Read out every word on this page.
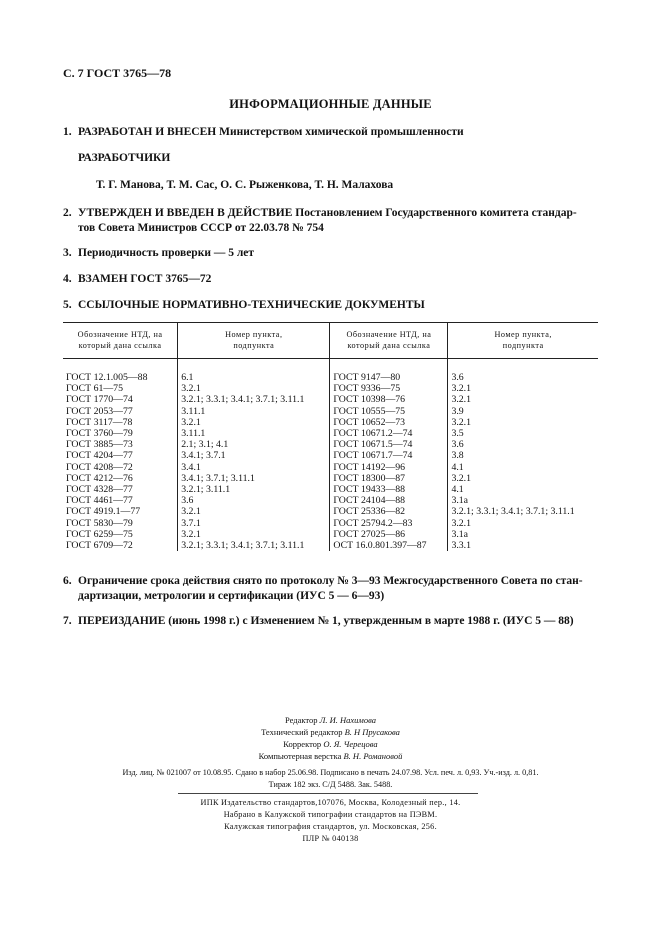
С. 7 ГОСТ 3765—78
ИНФОРМАЦИОННЫЕ ДАННЫЕ
1. РАЗРАБОТАН И ВНЕСЕН Министерством химической промышленности
РАЗРАБОТЧИКИ
Т. Г. Манова, Т. М. Сас, О. С. Рыженкова, Т. Н. Малахова
2. УТВЕРЖДЕН И ВВЕДЕН В ДЕЙСТВИЕ Постановлением Государственного комитета стандар-
тов Совета Министров СССР от 22.03.78 № 754
3. Периодичность проверки — 5 лет
4. ВЗАМЕН ГОСТ 3765—72
5. ССЫЛОЧНЫЕ НОРМАТИВНО-ТЕХНИЧЕСКИЕ ДОКУМЕНТЫ
Обозначение НТД, на
который дана ссылка	Номер пункта,
подпункта	Обозначение НТД, на
который дана ссылка	Номер пункта,
подпункта
ГОСТ 12.1.005—88	6.1	ГОСТ 9147—80	3.6
ГОСТ 61—75	3.2.1	ГОСТ 9336—75	3.2.1
ГОСТ 1770—74	3.2.1; 3.3.1; 3.4.1; 3.7.1; 3.11.1	ГОСТ 10398—76	3.2.1
ГОСТ 2053—77	3.11.1	ГОСТ 10555—75	3.9
ГОСТ 3117—78	3.2.1	ГОСТ 10652—73	3.2.1
ГОСТ 3760—79	3.11.1	ГОСТ 10671.2—74	3.5
ГОСТ 3885—73	2.1; 3.1; 4.1	ГОСТ 10671.5—74	3.6
ГОСТ 4204—77	3.4.1; 3.7.1	ГОСТ 10671.7—74	3.8
ГОСТ 4208—72	3.4.1	ГОСТ 14192—96	4.1
ГОСТ 4212—76	3.4.1; 3.7.1; 3.11.1	ГОСТ 18300—87	3.2.1
ГОСТ 4328—77	3.2.1; 3.11.1	ГОСТ 19433—88	4.1
ГОСТ 4461—77	3.6	ГОСТ 24104—88	3.1а
ГОСТ 4919.1—77	3.2.1	ГОСТ 25336—82	3.2.1; 3.3.1; 3.4.1; 3.7.1; 3.11.1
ГОСТ 5830—79	3.7.1	ГОСТ 25794.2—83	3.2.1
ГОСТ 6259—75	3.2.1	ГОСТ 27025—86	3.1а
ГОСТ 6709—72	3.2.1; 3.3.1; 3.4.1; 3.7.1; 3.11.1	ОСТ 16.0.801.397—87	3.3.1
6. Ограничение срока действия снято по протоколу № 3—93 Межгосударственного Совета по стан-
дартизации, метрологии и сертификации (ИУС 5 — 6—93)
7. ПЕРЕИЗДАНИЕ (июнь 1998 г.) с Изменением № 1, утвержденным в марте 1988 г. (ИУС 5 — 88)
Редактор Л. И. Нахимова
Технический редактор В. Н Прусакова
Корректор О. Я. Черецова
Компьютерная верстка В. Н. Романовой
Изд. лиц. № 021007 от 10.08.95. Сдано в набор 25.06.98. Подписано в печать 24.07.98. Усл. печ. л. 0,93. Уч.-изд. л. 0,81.
Тираж 182 экз. С/Д 5488. Зак. 5488.
ИПК Издательство стандартов,107076, Москва, Колодезный пер., 14.
Набрано в Калужской типографии стандартов на ПЭВМ.
Калужская типография стандартов, ул. Московская, 256.
ПЛР № 040138
